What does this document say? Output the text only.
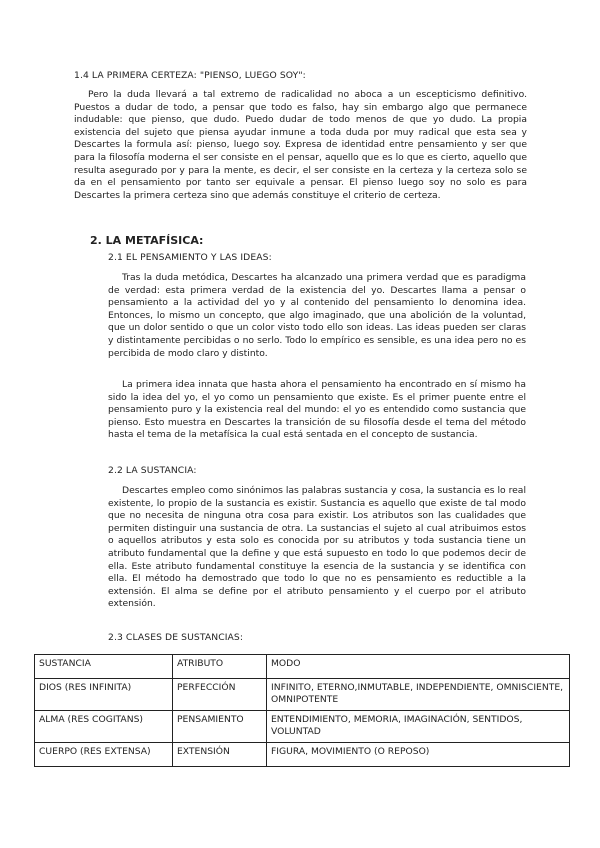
1.4 LA PRIMERA CERTEZA: "PIENSO, LUEGO SOY":

Pero la duda llevará a tal extremo de radicalidad no aboca a un escepticismo definitivo. Puestos a dudar de todo, a pensar que todo es falso, hay sin embargo algo que permanece indudable: que pienso, que dudo. Puedo dudar de todo menos de que yo dudo. La propia existencia del sujeto que piensa ayudar inmune a toda duda por muy radical que esta sea y Descartes la formula así: pienso, luego soy. Expresa de identidad entre pensamiento y ser que para la filosofía moderna el ser consiste en el pensar, aquello que es lo que es cierto, aquello que resulta asegurado por y para la mente, es decir, el ser consiste en la certeza y la certeza solo se da en el pensamiento por tanto ser equivale a pensar. El pienso luego soy no solo es para Descartes la primera certeza sino que además constituye el criterio de certeza.

2. LA METAFÍSICA:
2.1 EL PENSAMIENTO Y LAS IDEAS:

Tras la duda metódica, Descartes ha alcanzado una primera verdad que es paradigma de verdad: esta primera verdad de la existencia del yo. Descartes llama a pensar o pensamiento a la actividad del yo y al contenido del pensamiento lo denomina idea. Entonces, lo mismo un concepto, que algo imaginado, que una abolición de la voluntad, que un dolor sentido o que un color visto todo ello son ideas. Las ideas pueden ser claras y distintamente percibidas o no serlo. Todo lo empírico es sensible, es una idea pero no es percibida de modo claro y distinto.

La primera idea innata que hasta ahora el pensamiento ha encontrado en sí mismo ha sido la idea del yo, el yo como un pensamiento que existe. Es el primer puente entre el pensamiento puro y la existencia real del mundo: el yo es entendido como sustancia que pienso. Esto muestra en Descartes la transición de su filosofía desde el tema del método hasta el tema de la metafísica la cual está sentada en el concepto de sustancia.

2.2 LA SUSTANCIA:

Descartes empleo como sinónimos las palabras sustancia y cosa, la sustancia es lo real existente, lo propio de la sustancia es existir. Sustancia es aquello que existe de tal modo que no necesita de ninguna otra cosa para existir. Los atributos son las cualidades que permiten distinguir una sustancia de otra. La sustancias el sujeto al cual atribuimos estos o aquellos atributos y esta solo es conocida por su atributos y toda sustancia tiene un atributo fundamental que la define y que está supuesto en todo lo que podemos decir de ella. Este atributo fundamental constituye la esencia de la sustancia y se identifica con ella. El método ha demostrado que todo lo que no es pensamiento es reductible a la extensión. El alma se define por el atributo pensamiento y el cuerpo por el atributo extensión.

2.3 CLASES DE SUSTANCIAS:
SUSTANCIA	ATRIBUTO	MODO
DIOS (RES INFINITA)	PERFECCIÓN	INFINITO, ETERNO,INMUTABLE, INDEPENDIENTE, OMNISCIENTE, OMNIPOTENTE
ALMA (RES COGITANS)	PENSAMIENTO	ENTENDIMIENTO, MEMORIA, IMAGINACIÓN, SENTIDOS, VOLUNTAD
CUERPO (RES EXTENSA)	EXTENSIÓN	FIGURA, MOVIMIENTO (O REPOSO)
